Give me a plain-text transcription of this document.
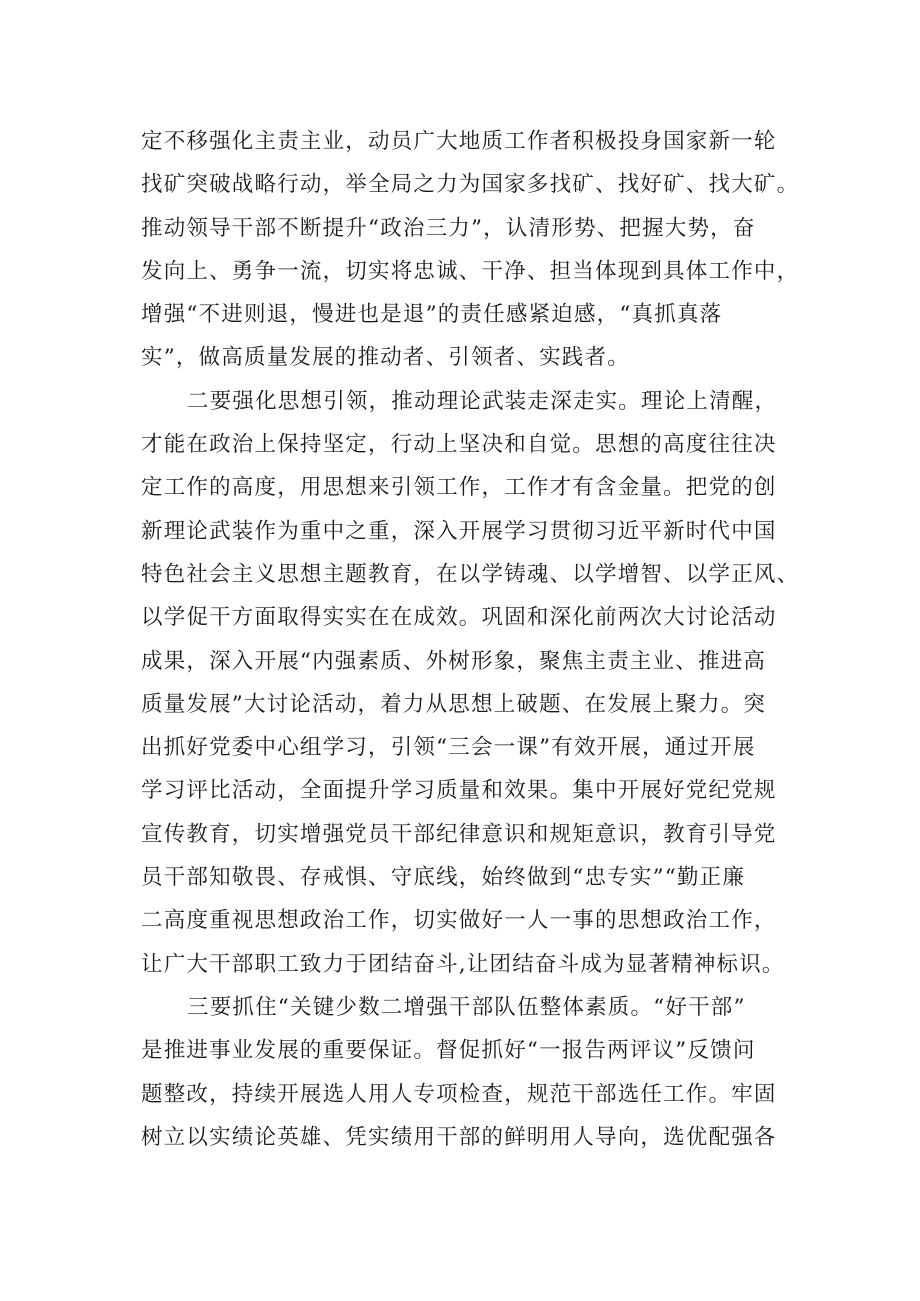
定不移强化主责主业，动员广大地质工作者积极投身国家新一轮
找矿突破战略行动，举全局之力为国家多找矿、找好矿、找大矿。
推动领导干部不断提升“政治三力”，认清形势、把握大势，奋
发向上、勇争一流，切实将忠诚、干净、担当体现到具体工作中，
增强“不进则退，慢进也是退”的责任感紧迫感，“真抓真落
实”，做高质量发展的推动者、引领者、实践者。
二要强化思想引领，推动理论武装走深走实。理论上清醒，
才能在政治上保持坚定，行动上坚决和自觉。思想的高度往往决
定工作的高度，用思想来引领工作，工作才有含金量。把党的创
新理论武装作为重中之重，深入开展学习贯彻习近平新时代中国
特色社会主义思想主题教育，在以学铸魂、以学增智、以学正风、
以学促干方面取得实实在在成效。巩固和深化前两次大讨论活动
成果，深入开展“内强素质、外树形象，聚焦主责主业、推进高
质量发展”大讨论活动，着力从思想上破题、在发展上聚力。突
出抓好党委中心组学习，引领“三会一课”有效开展，通过开展
学习评比活动，全面提升学习质量和效果。集中开展好党纪党规
宣传教育，切实增强党员干部纪律意识和规矩意识，教育引导党
员干部知敬畏、存戒惧、守底线，始终做到“忠专实”“勤正廉
二高度重视思想政治工作，切实做好一人一事的思想政治工作，
让广大干部职工致力于团结奋斗,让团结奋斗成为显著精神标识。
三要抓住“关键少数二增强干部队伍整体素质。“好干部”
是推进事业发展的重要保证。督促抓好“一报告两评议”反馈问
题整改，持续开展选人用人专项检查，规范干部选任工作。牢固
树立以实绩论英雄、凭实绩用干部的鲜明用人导向，选优配强各
